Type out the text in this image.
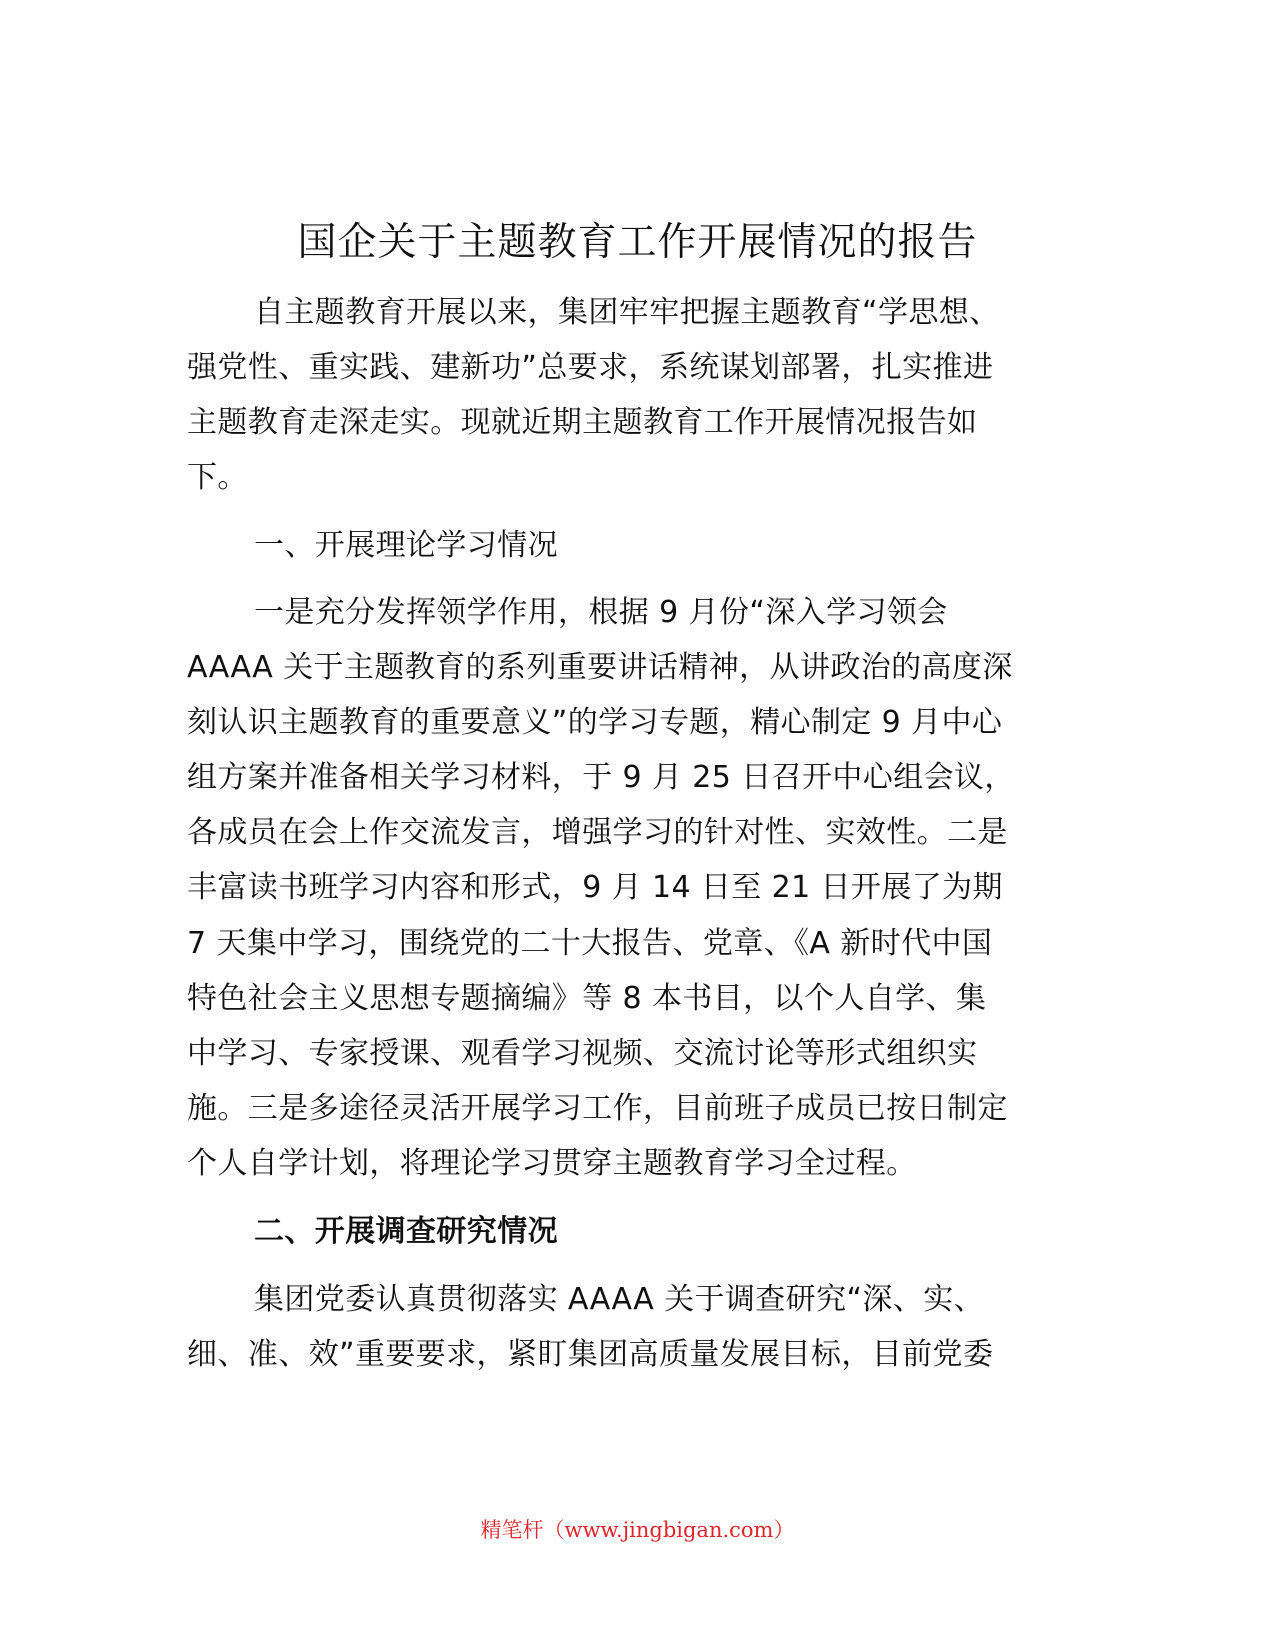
国企关于主题教育工作开展情况的报告
自主题教育开展以来，集团牢牢把握主题教育“学思想、
强党性、重实践、建新功”总要求，系统谋划部署，扎实推进
主题教育走深走实。现就近期主题教育工作开展情况报告如
下。
一、开展理论学习情况
一是充分发挥领学作用，根据 9 月份“深入学习领会
AAAA 关于主题教育的系列重要讲话精神，从讲政治的高度深
刻认识主题教育的重要意义”的学习专题，精心制定 9 月中心
组方案并准备相关学习材料，于 9 月 25 日召开中心组会议，
各成员在会上作交流发言，增强学习的针对性、实效性。二是
丰富读书班学习内容和形式，9 月 14 日至 21 日开展了为期
7 天集中学习，围绕党的二十大报告、党章、《A 新时代中国
特色社会主义思想专题摘编》等 8 本书目，以个人自学、集
中学习、专家授课、观看学习视频、交流讨论等形式组织实
施。三是多途径灵活开展学习工作，目前班子成员已按日制定
个人自学计划，将理论学习贯穿主题教育学习全过程。
二、开展调查研究情况
集团党委认真贯彻落实 AAAA 关于调查研究“深、实、
细、准、效”重要要求，紧盯集团高质量发展目标，目前党委
精笔杆（www.jingbigan.com）
